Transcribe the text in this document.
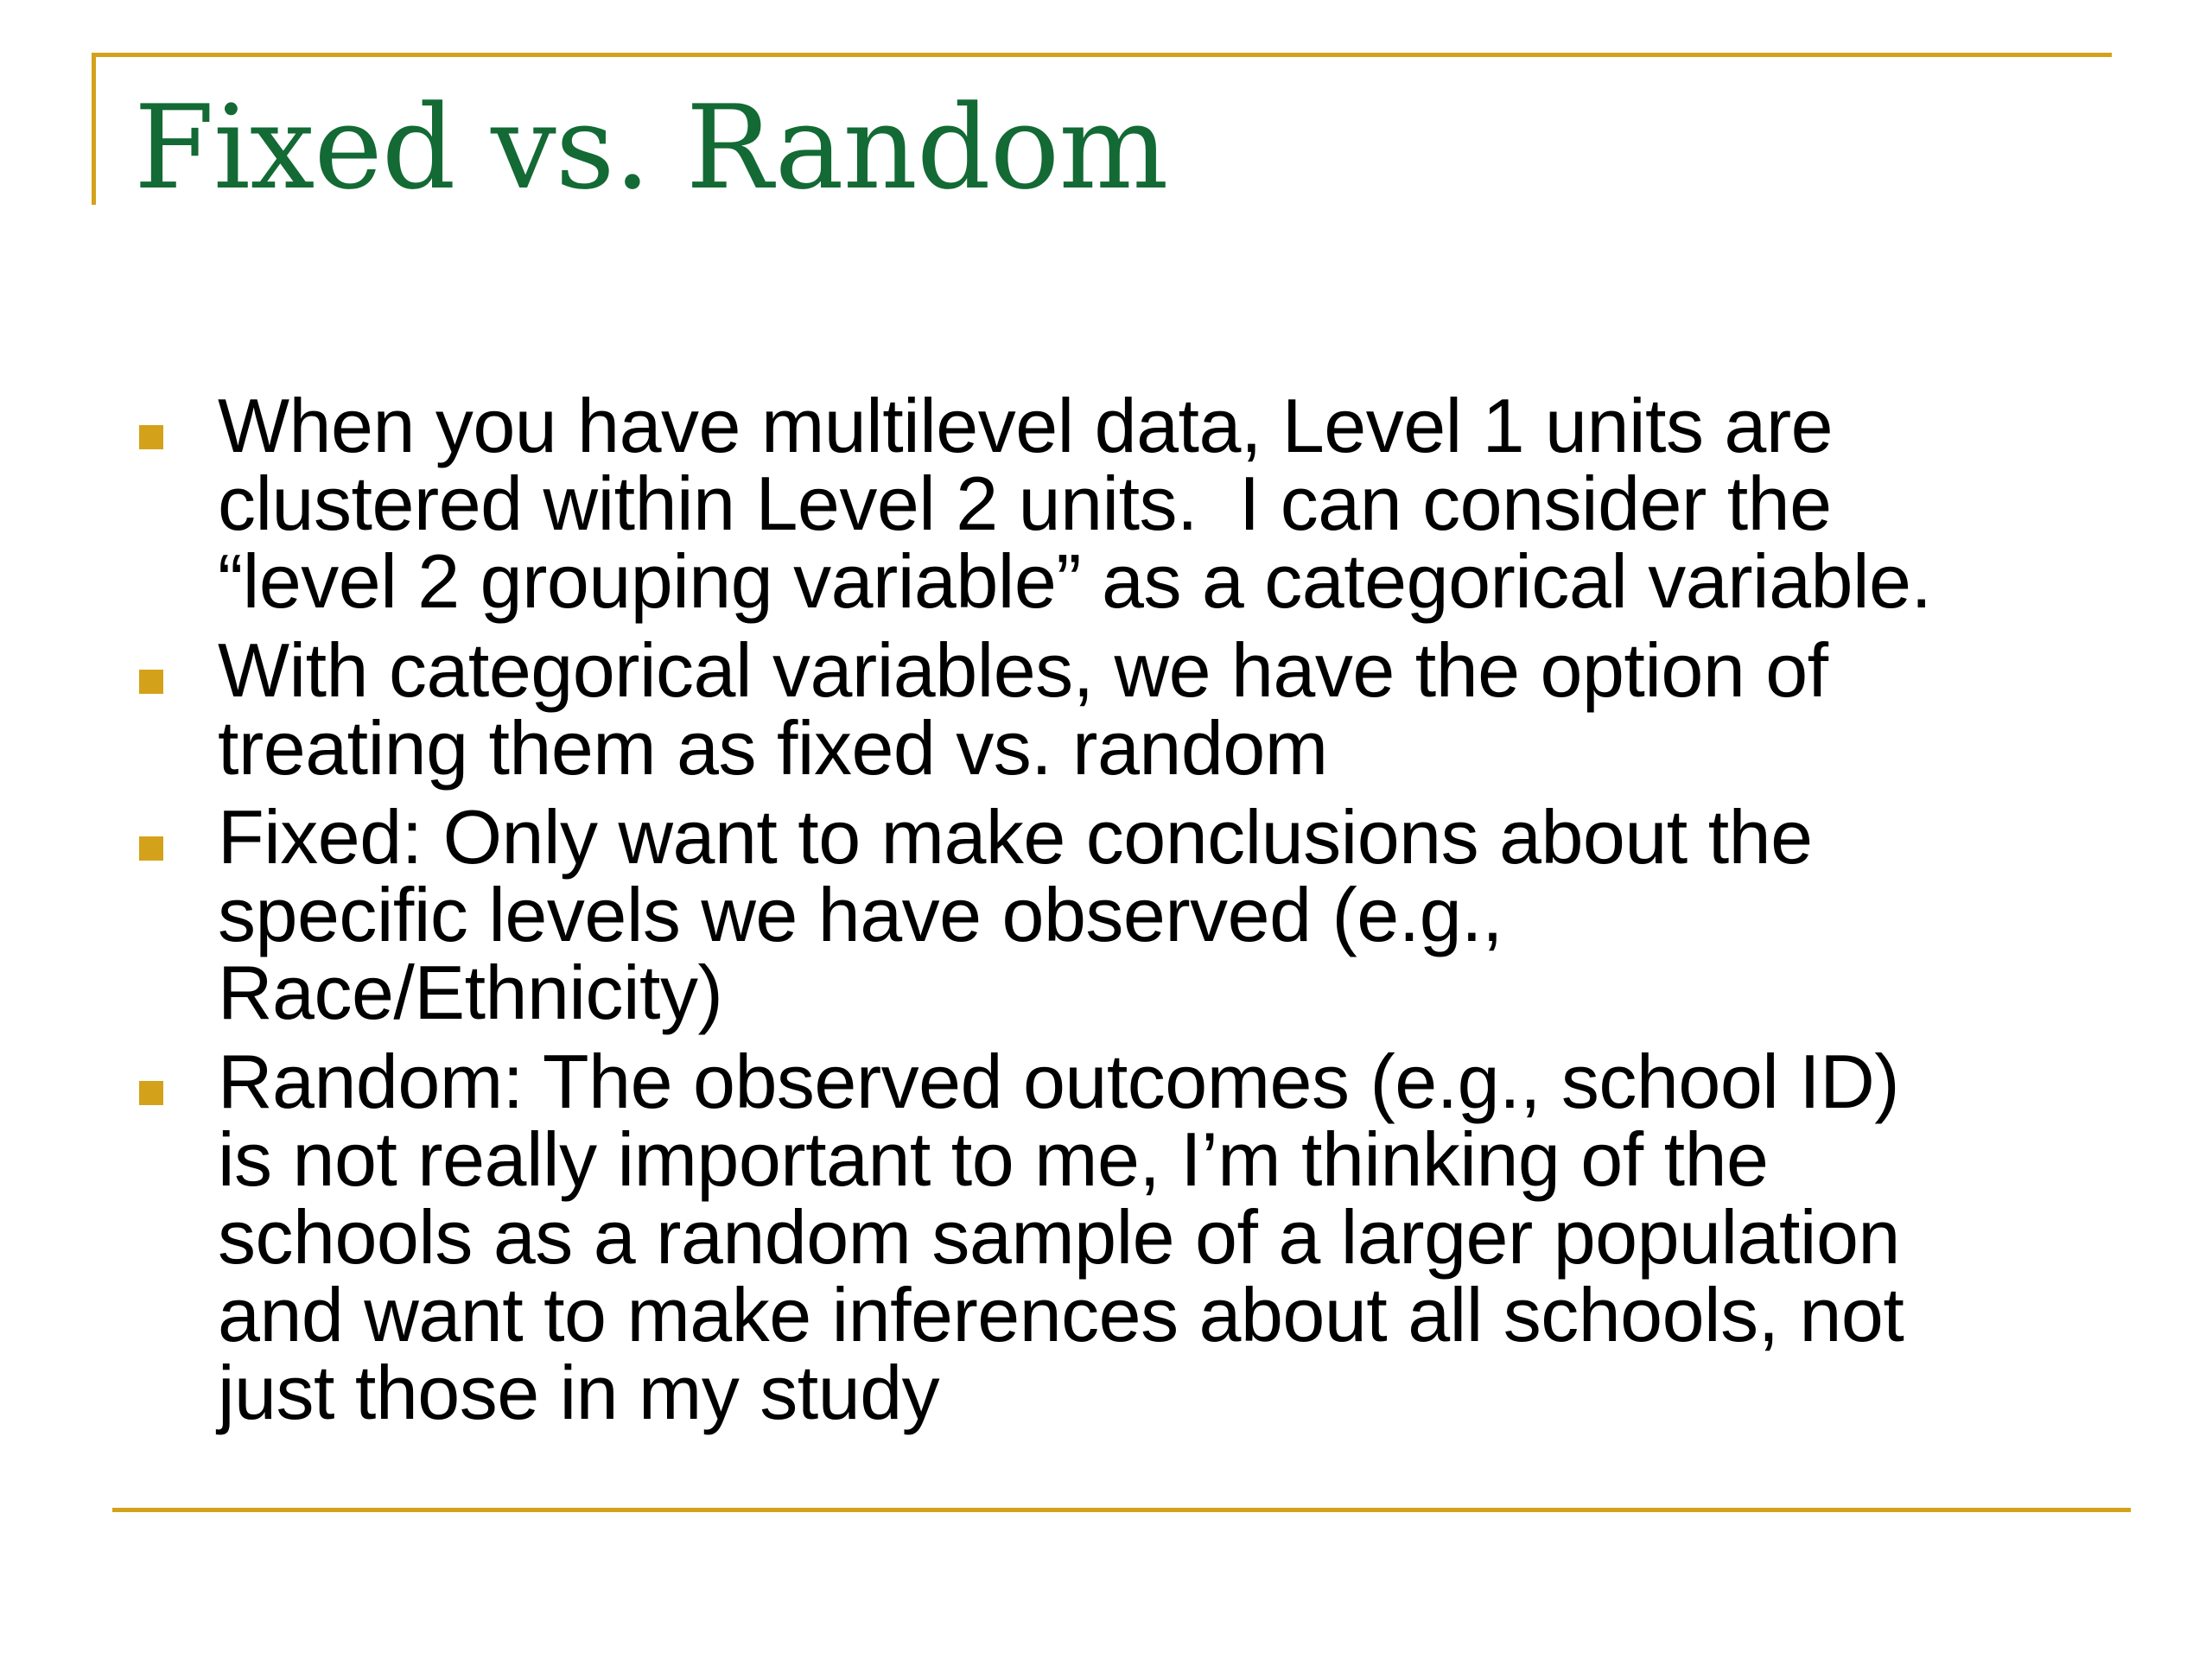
Fixed vs. Random
When you have multilevel data, Level 1 units are
clustered within Level 2 units.  I can consider the
“level 2 grouping variable” as a categorical variable.
With categorical variables, we have the option of
treating them as fixed vs. random
Fixed: Only want to make conclusions about the
specific levels we have observed (e.g.,
Race/Ethnicity)
Random: The observed outcomes (e.g., school ID)
is not really important to me, I’m thinking of the
schools as a random sample of a larger population
and want to make inferences about all schools, not
just those in my study
